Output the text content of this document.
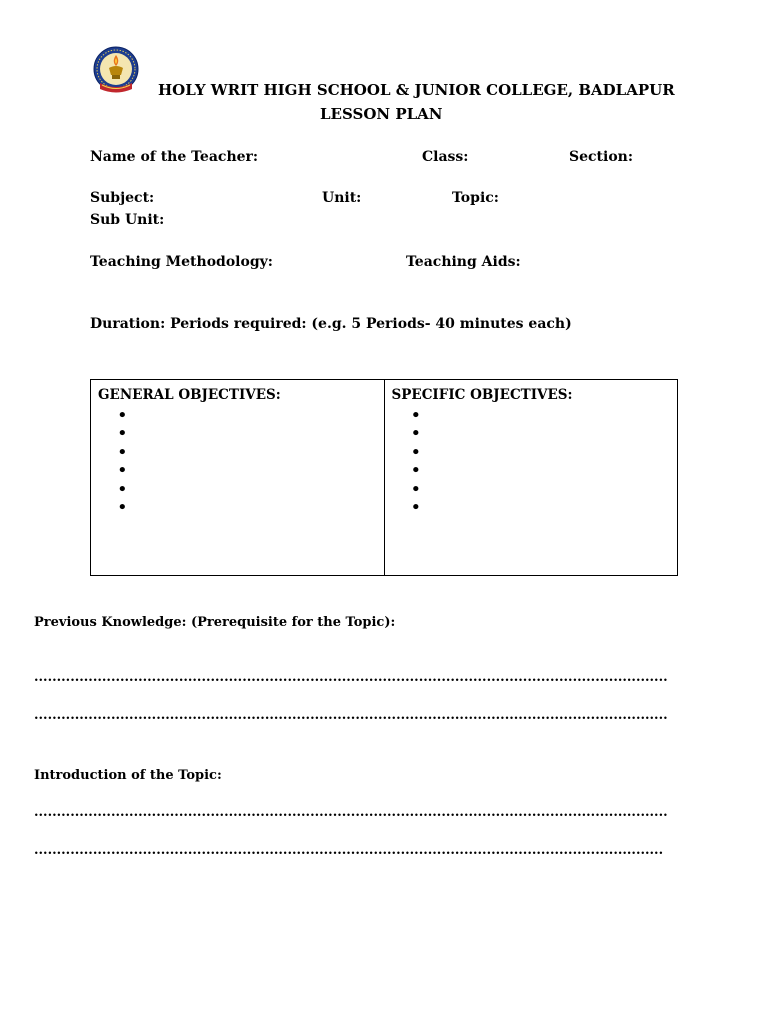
HOLY WRIT HIGH SCHOOL & JUNIOR COLLEGE, BADLAPUR
LESSON PLAN
Name of the Teacher:	Class:	Section:
Subject:	Unit:	Topic:
Sub Unit:
Teaching Methodology:	Teaching Aids:
Duration: Periods required: (e.g. 5 Periods- 40 minutes each)
GENERAL OBJECTIVES:
•
•
•
•
•
•
SPECIFIC OBJECTIVES:
•
•
•
•
•
•
Previous Knowledge: (Prerequisite for the Topic):
............................................................................................................................................
............................................................................................................................................
Introduction of the Topic:
............................................................................................................................................
...........................................................................................................................................
